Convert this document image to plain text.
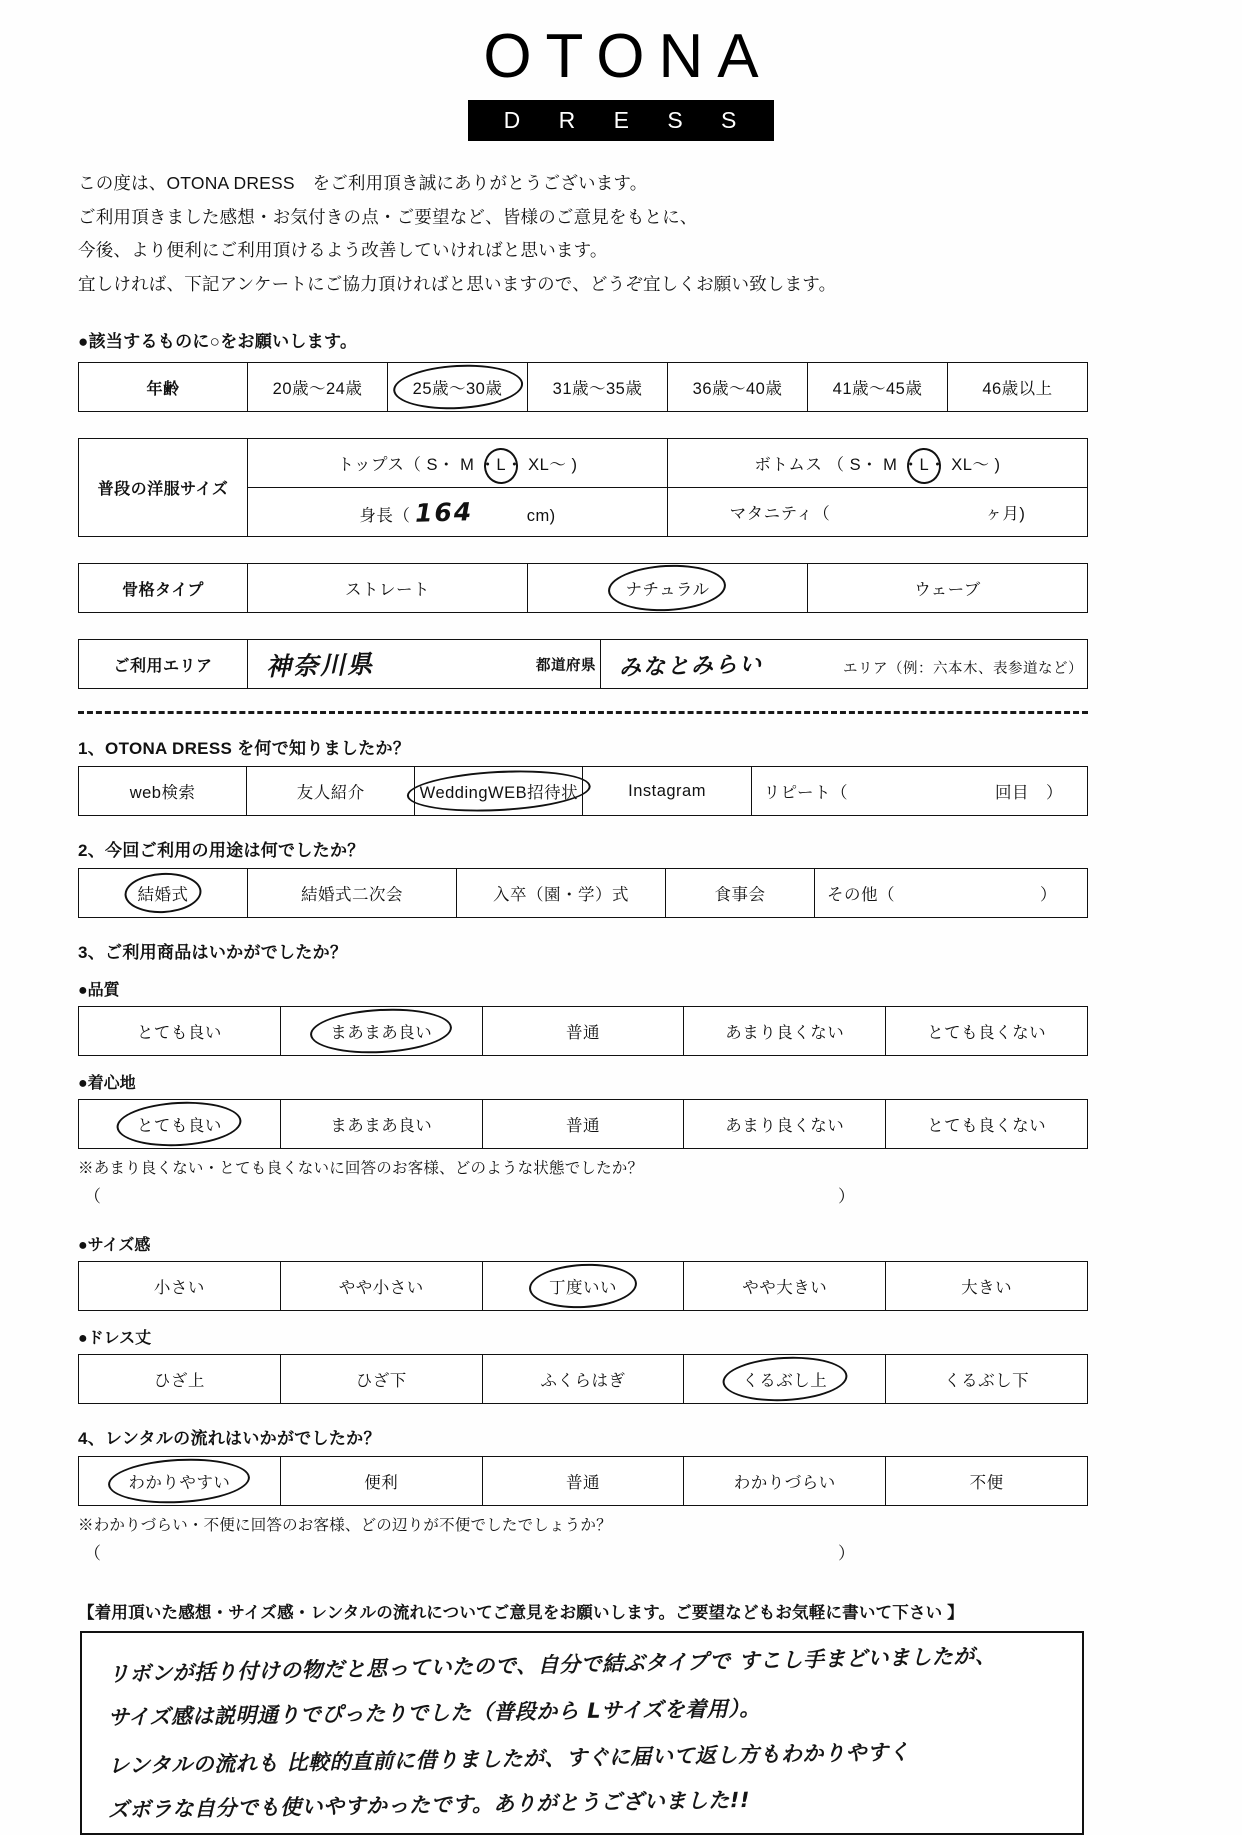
OTONA
D R E S S
この度は、OTONA DRESS　をご利用頂き誠にありがとうございます。
ご利用頂きました感想・お気付きの点・ご要望など、皆様のご意見をもとに、
今後、より便利にご利用頂けるよう改善していければと思います。
宜しければ、下記アンケートにご協力頂ければと思いますので、どうぞ宜しくお願い致します。
●該当するものに○をお願いします。
年齢	20歳～24歳	25歳～30歳	31歳～35歳	36歳～40歳	41歳～45歳	46歳以上
普段の洋服サイズ	トップス（ S・ M ・L・ XL～ )	ボトムス （ S・ M ・L・ XL～ )
	身長（ 164 cm)	マタニティ（ ヶ月)
骨格タイプ	ストレート	ナチュラル	ウェーブ
ご利用エリア	神奈川県	都道府県	みなとみらい	エリア（例：六本木、表参道など）
1、OTONA DRESS を何で知りましたか？
web検索	友人紹介	WeddingWEB招待状	Instagram	リピート（	回目　）
2、今回ご利用の用途は何でしたか？
結婚式	結婚式二次会	入卒（園・学）式	食事会	その他（	）
3、ご利用商品はいかがでしたか？
●品質
とても良い	まあまあ良い	普通	あまり良くない	とても良くない
●着心地
とても良い	まあまあ良い	普通	あまり良くない	とても良くない
※あまり良くない・とても良くないに回答のお客様、どのような状態でしたか？
（	）
●サイズ感
小さい	やや小さい	丁度いい	やや大きい	大きい
●ドレス丈
ひざ上	ひざ下	ふくらはぎ	くるぶし上	くるぶし下
4、レンタルの流れはいかがでしたか？
わかりやすい	便利	普通	わかりづらい	不便
※わかりづらい・不便に回答のお客様、どの辺りが不便でしたでしょうか？
（	）
【着用頂いた感想・サイズ感・レンタルの流れについてご意見をお願いします。ご要望などもお気軽に書いて下さい 】
リボンが括り付けの物だと思っていたので、自分で結ぶタイプで すこし手まどいましたが、
サイズ感は説明通りでぴったりでした（普段から Lサイズを着用）。
レンタルの流れも 比較的直前に借りましたが、すぐに届いて返し方もわかりやすく
ズボラな自分でも使いやすかったです。ありがとうございました!!
